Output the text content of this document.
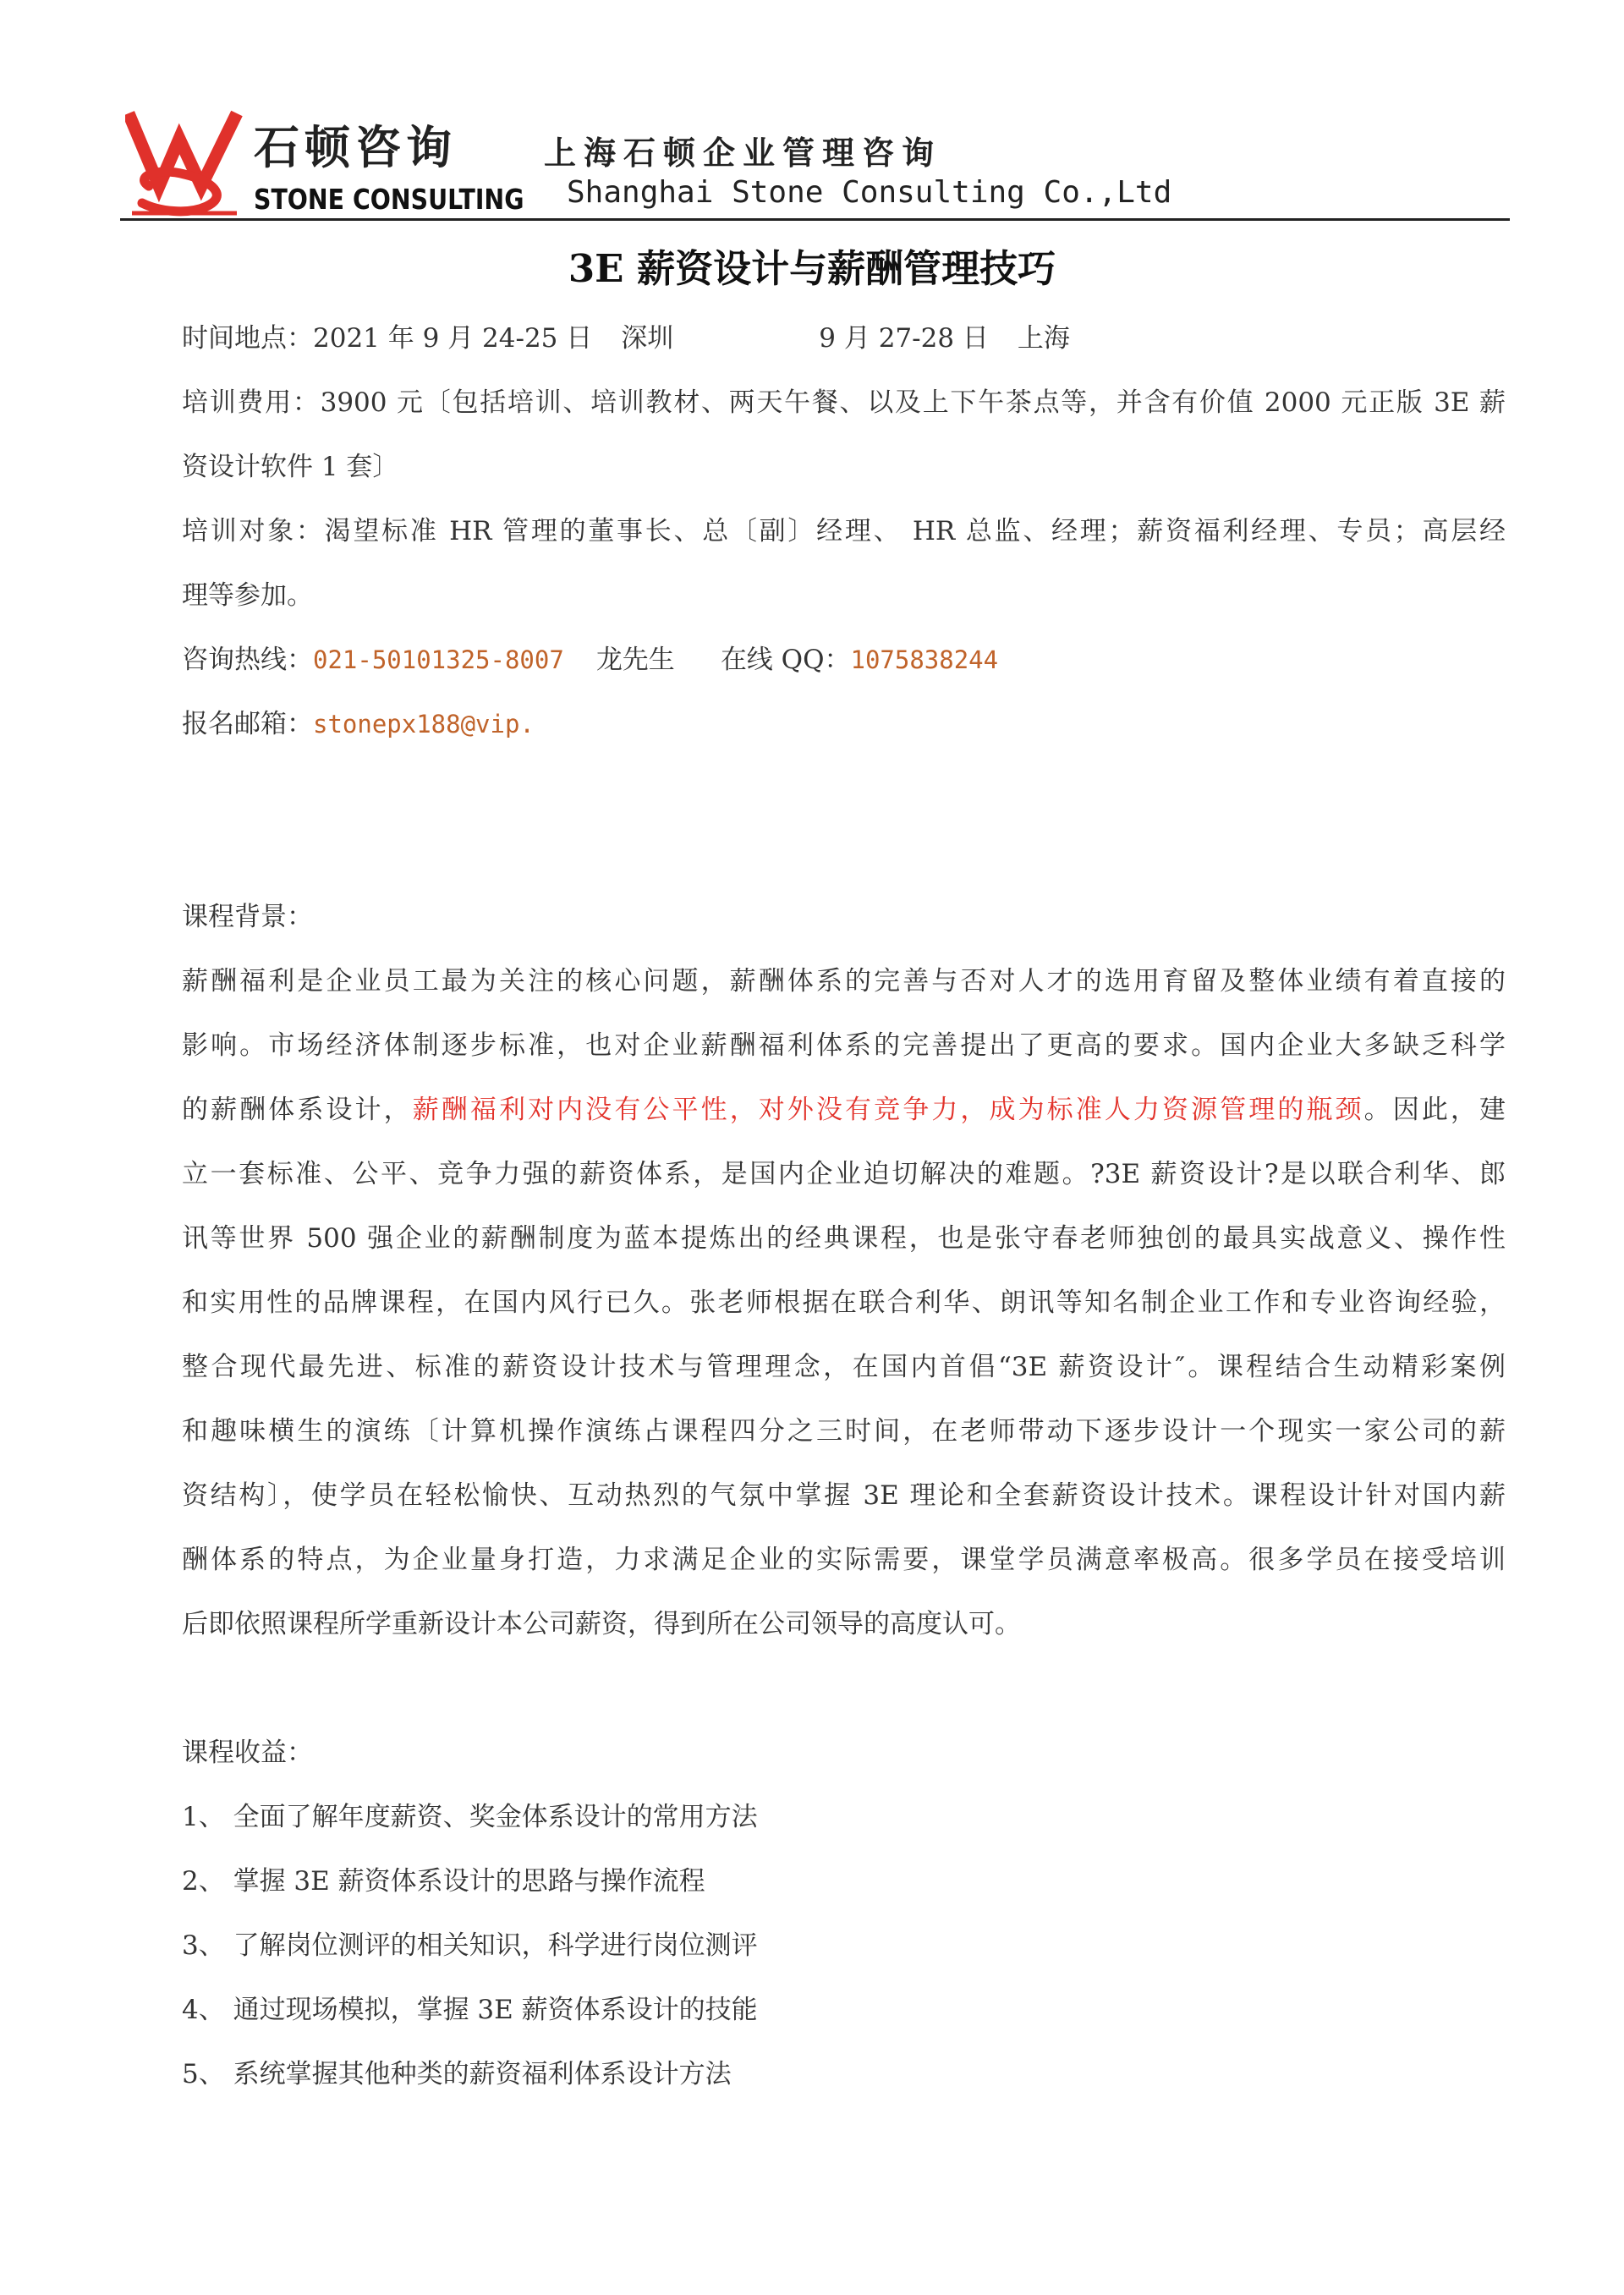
石顿咨询
STONE CONSULTING
上海石顿企业管理咨询
Shanghai Stone Consulting Co.,Ltd
3E 薪资设计与薪酬管理技巧
时间地点：2021 年 9 月 24-25 日 深圳	9 月 27-28 日 上海
培训费用：3900 元〔包括培训、培训教材、两天午餐、以及上下午茶点等，并含有价值 2000 元正版 3E 薪
资设计软件 1 套〕
培训对象：渴望标准 HR 管理的董事长、总〔副〕经理、 HR 总监、经理；薪资福利经理、专员；高层经
理等参加。
咨询热线：021-50101325-8007 龙先生 在线 QQ：1075838244
报名邮箱：stonepx188@vip.
课程背景：
薪酬福利是企业员工最为关注的核心问题，薪酬体系的完善与否对人才的选用育留及整体业绩有着直接的
影响。市场经济体制逐步标准，也对企业薪酬福利体系的完善提出了更高的要求。国内企业大多缺乏科学
的薪酬体系设计，薪酬福利对内没有公平性，对外没有竞争力，成为标准人力资源管理的瓶颈。因此，建
立一套标准、公平、竞争力强的薪资体系，是国内企业迫切解决的难题。?3E 薪资设计?是以联合利华、郎
讯等世界 500 强企业的薪酬制度为蓝本提炼出的经典课程，也是张守春老师独创的最具实战意义、操作性
和实用性的品牌课程，在国内风行已久。张老师根据在联合利华、朗讯等知名制企业工作和专业咨询经验，
整合现代最先进、标准的薪资设计技术与管理理念，在国内首倡“3E 薪资设计″。课程结合生动精彩案例
和趣味横生的演练〔计算机操作演练占课程四分之三时间，在老师带动下逐步设计一个现实一家公司的薪
资结构〕，使学员在轻松愉快、互动热烈的气氛中掌握 3E 理论和全套薪资设计技术。课程设计针对国内薪
酬体系的特点，为企业量身打造，力求满足企业的实际需要，课堂学员满意率极高。很多学员在接受培训
后即依照课程所学重新设计本公司薪资，得到所在公司领导的高度认可。
课程收益：
1、 全面了解年度薪资、奖金体系设计的常用方法
2、 掌握 3E 薪资体系设计的思路与操作流程
3、 了解岗位测评的相关知识，科学进行岗位测评
4、 通过现场模拟，掌握 3E 薪资体系设计的技能
5、 系统掌握其他种类的薪资福利体系设计方法
